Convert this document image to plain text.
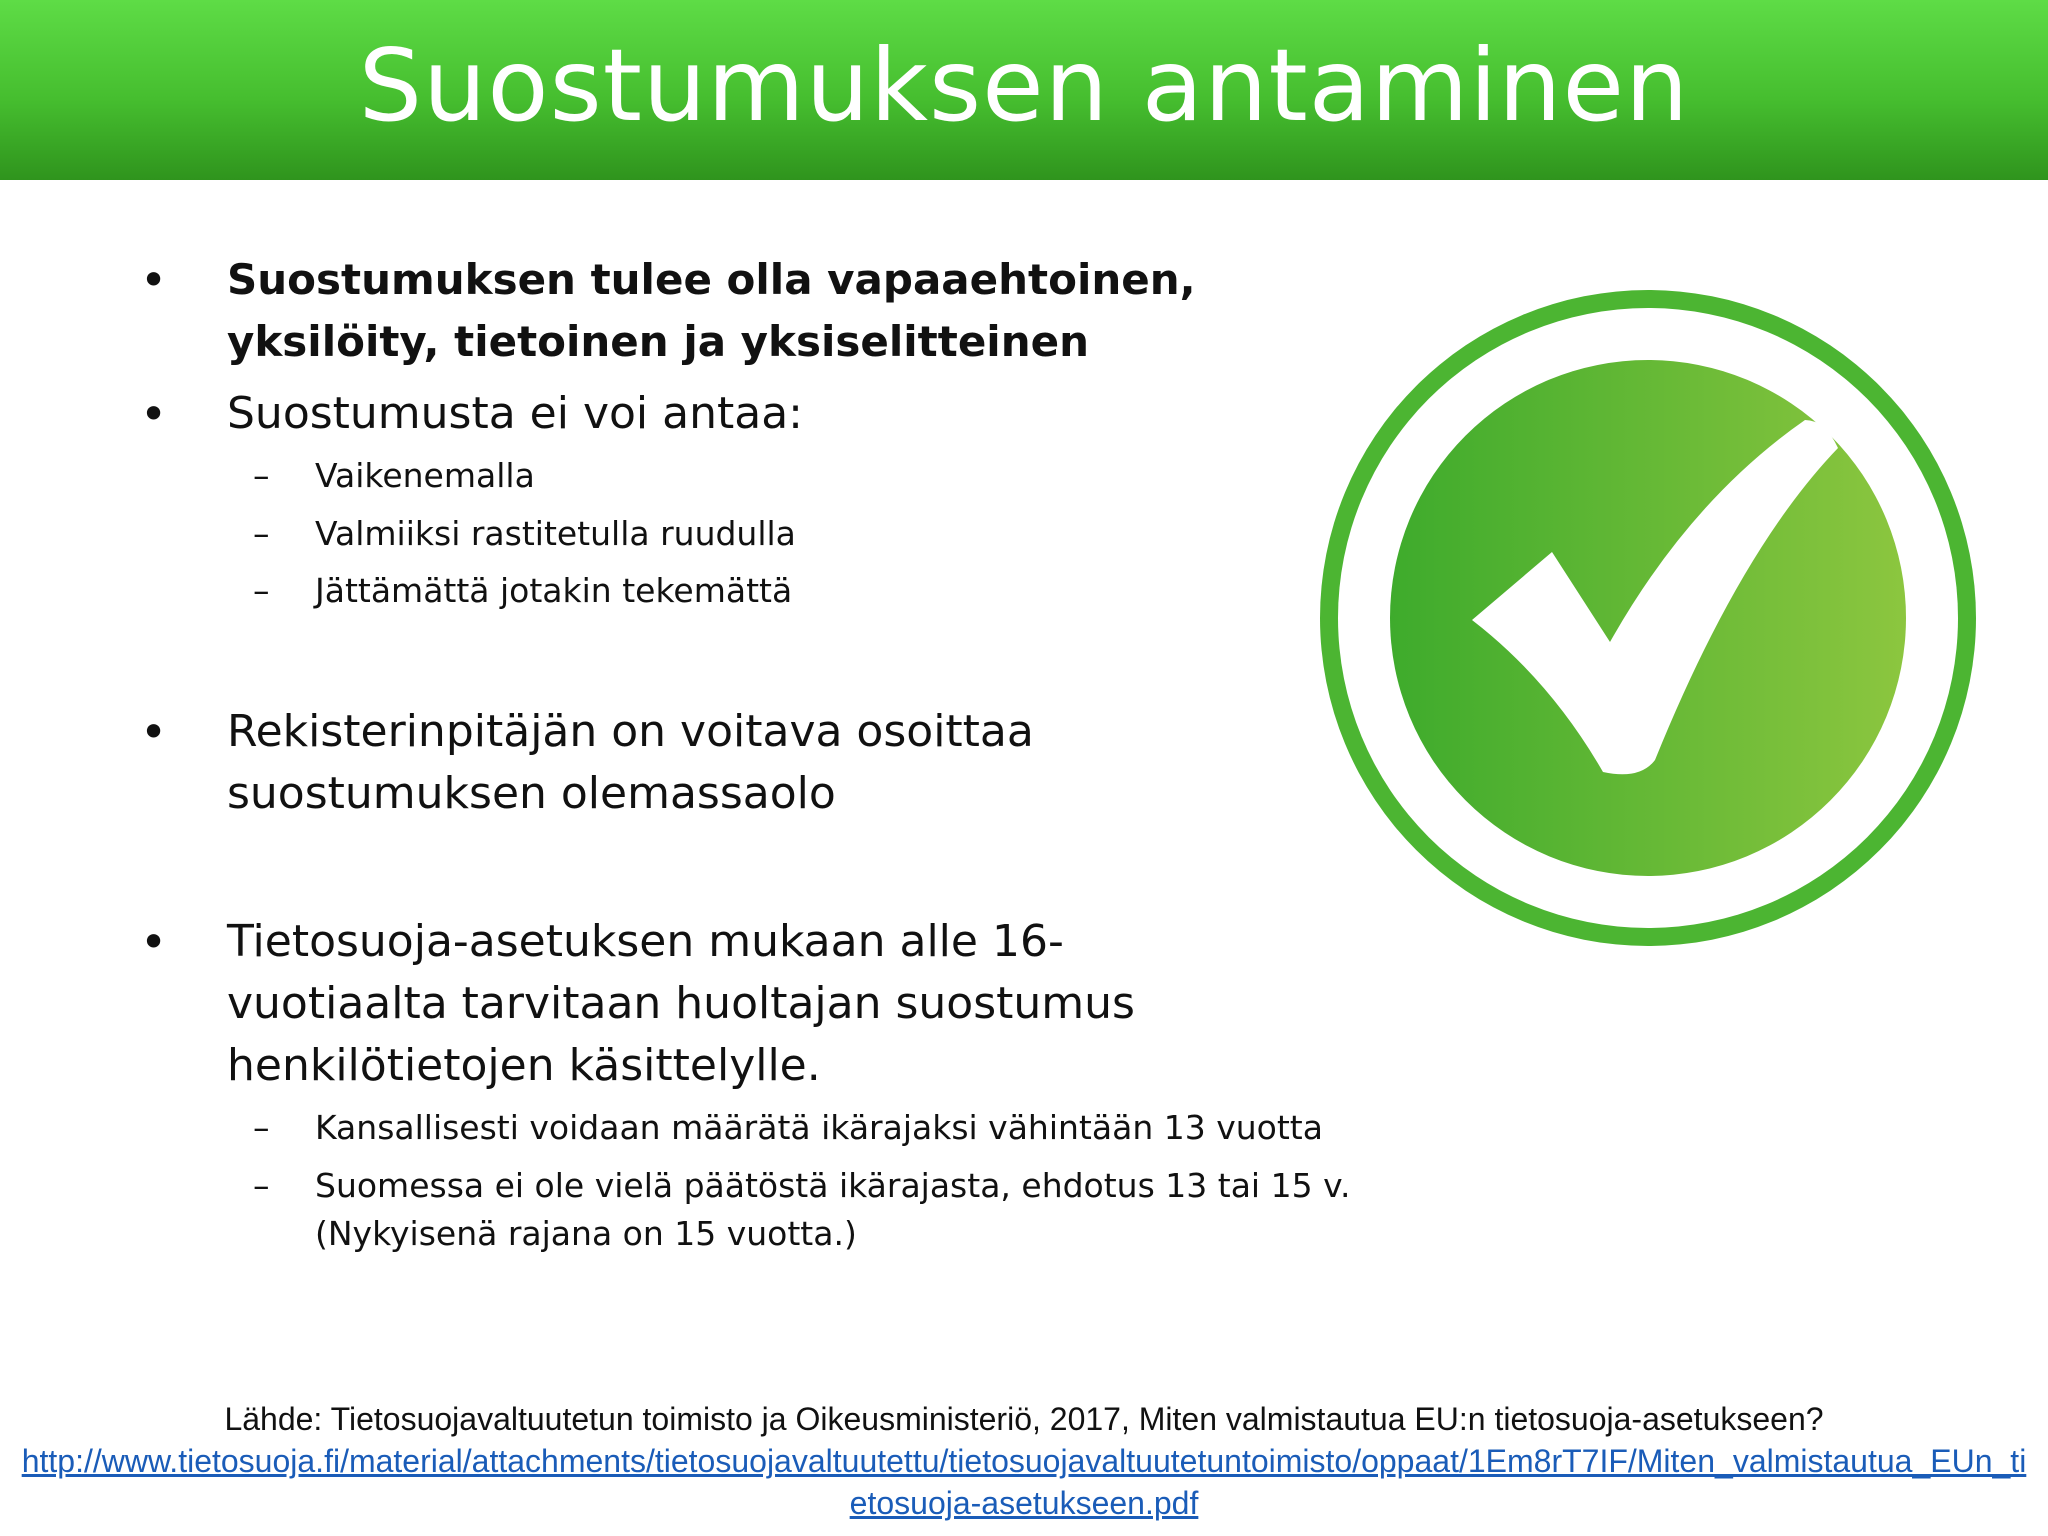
Suostumuksen antaminen
• Suostumuksen tulee olla vapaaehtoinen, yksilöity, tietoinen ja yksiselitteinen
• Suostumusta ei voi antaa:
– Vaikenemalla
– Valmiiksi rastitetulla ruudulla
– Jättämättä jotakin tekemättä
• Rekisterinpitäjän on voitava osoittaa suostumuksen olemassaolo
• Tietosuoja-asetuksen mukaan alle 16-vuotiaalta tarvitaan huoltajan suostumus henkilötietojen käsittelylle.
– Kansallisesti voidaan määrätä ikärajaksi vähintään 13 vuotta
– Suomessa ei ole vielä päätöstä ikärajasta, ehdotus 13 tai 15 v. (Nykyisenä rajana on 15 vuotta.)
Lähde: Tietosuojavaltuutetun toimisto ja Oikeusministeriö, 2017, Miten valmistautua EU:n tietosuoja-asetukseen?
http://www.tietosuoja.fi/material/attachments/tietosuojavaltuutettu/tietosuojavaltuutetuntoimisto/oppaat/1Em8rT7IF/Miten_valmistautua_EUn_tietosuoja-asetukseen.pdf
